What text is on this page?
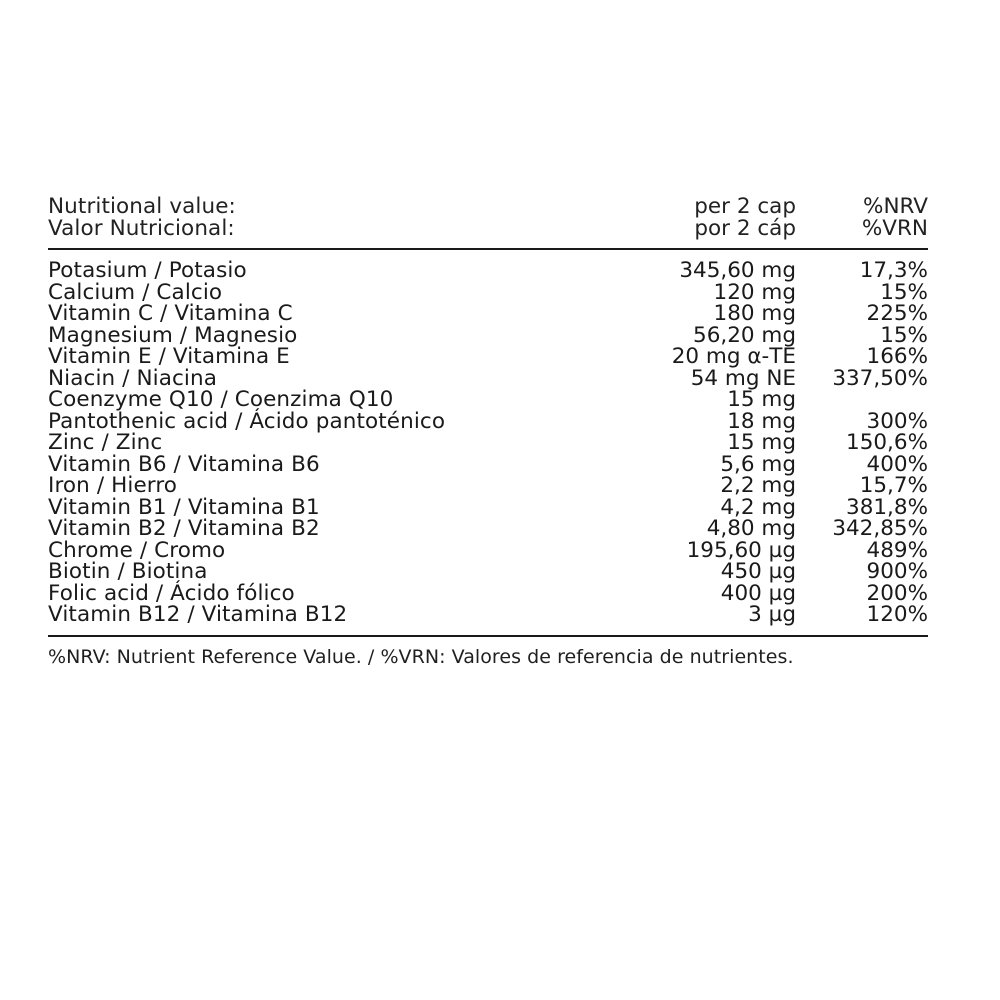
Nutritional value:	per 2 cap	%NRV
Valor Nutricional:	por 2 cáp	%VRN
Potasium / Potasio	345,60 mg	17,3%
Calcium / Calcio	120 mg	15%
Vitamin C / Vitamina C	180 mg	225%
Magnesium / Magnesio	56,20 mg	15%
Vitamin E / Vitamina E	20 mg α-TE	166%
Niacin / Niacina	54 mg NE	337,50%
Coenzyme Q10 / Coenzima Q10	15 mg	
Pantothenic acid / Ácido pantoténico	18 mg	300%
Zinc / Zinc	15 mg	150,6%
Vitamin B6 / Vitamina B6	5,6 mg	400%
Iron / Hierro	2,2 mg	15,7%
Vitamin B1 / Vitamina B1	4,2 mg	381,8%
Vitamin B2 / Vitamina B2	4,80 mg	342,85%
Chrome / Cromo	195,60 µg	489%
Biotin / Biotina	450 µg	900%
Folic acid / Ácido fólico	400 µg	200%
Vitamin B12 / Vitamina B12	3 µg	120%
%NRV: Nutrient Reference Value. / %VRN: Valores de referencia de nutrientes.
